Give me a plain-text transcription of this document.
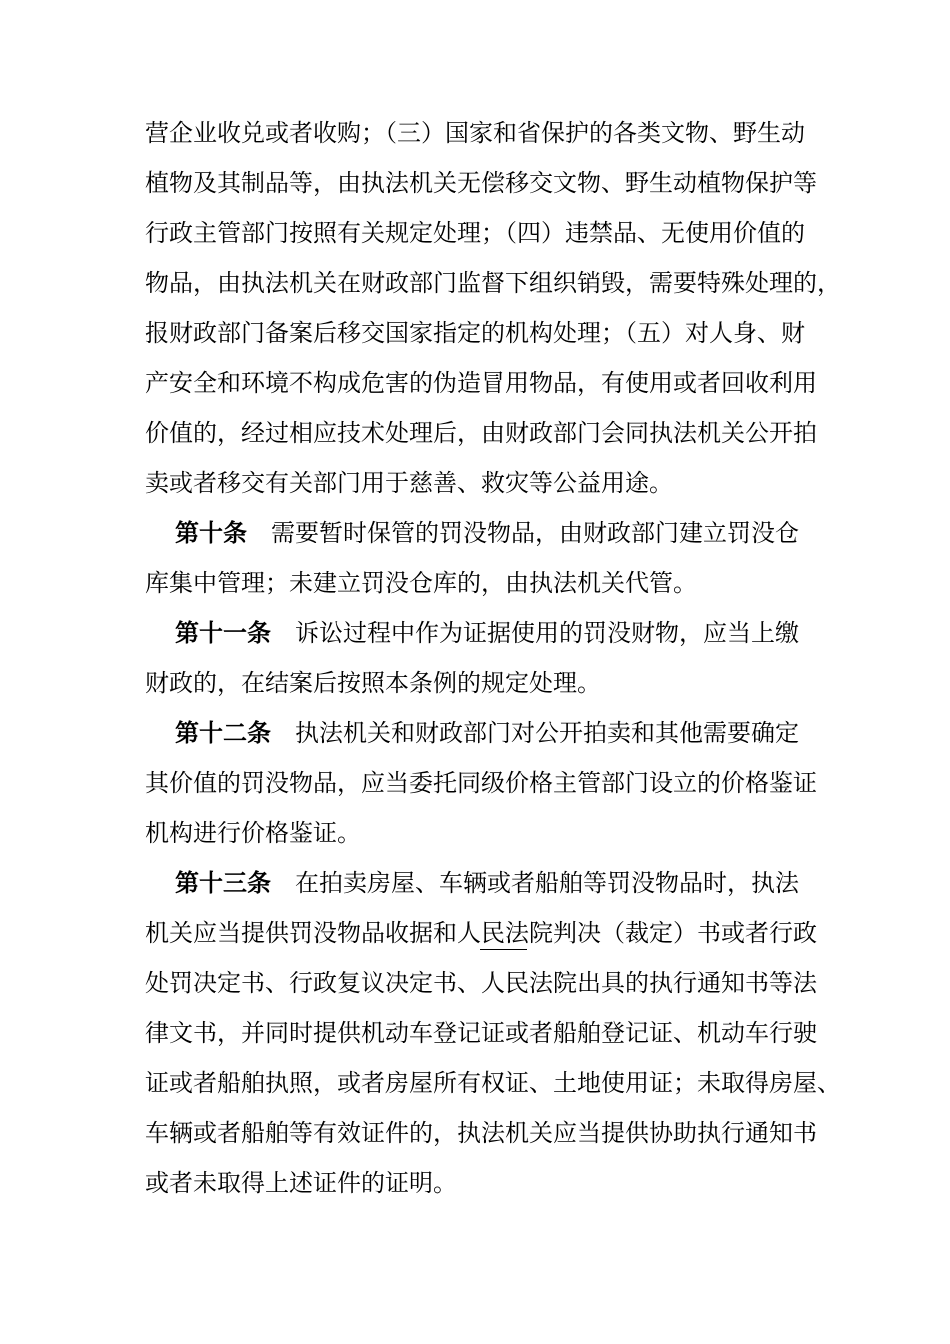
营企业收兑或者收购；（三）国家和省保护的各类文物、野生动
植物及其制品等，由执法机关无偿移交文物、野生动植物保护等
行政主管部门按照有关规定处理；（四）违禁品、无使用价值的
物品，由执法机关在财政部门监督下组织销毁，需要特殊处理的，
报财政部门备案后移交国家指定的机构处理；（五）对人身、财
产安全和环境不构成危害的伪造冒用物品，有使用或者回收利用
价值的，经过相应技术处理后，由财政部门会同执法机关公开拍
卖或者移交有关部门用于慈善、救灾等公益用途。
第十条 需要暂时保管的罚没物品，由财政部门建立罚没仓
库集中管理；未建立罚没仓库的，由执法机关代管。
第十一条 诉讼过程中作为证据使用的罚没财物，应当上缴
财政的，在结案后按照本条例的规定处理。
第十二条 执法机关和财政部门对公开拍卖和其他需要确定
其价值的罚没物品，应当委托同级价格主管部门设立的价格鉴证
机构进行价格鉴证。
第十三条 在拍卖房屋、车辆或者船舶等罚没物品时，执法
机关应当提供罚没物品收据和人民法院判决（裁定）书或者行政
处罚决定书、行政复议决定书、人民法院出具的执行通知书等法
律文书，并同时提供机动车登记证或者船舶登记证、机动车行驶
证或者船舶执照，或者房屋所有权证、土地使用证；未取得房屋、
车辆或者船舶等有效证件的，执法机关应当提供协助执行通知书
或者未取得上述证件的证明。
